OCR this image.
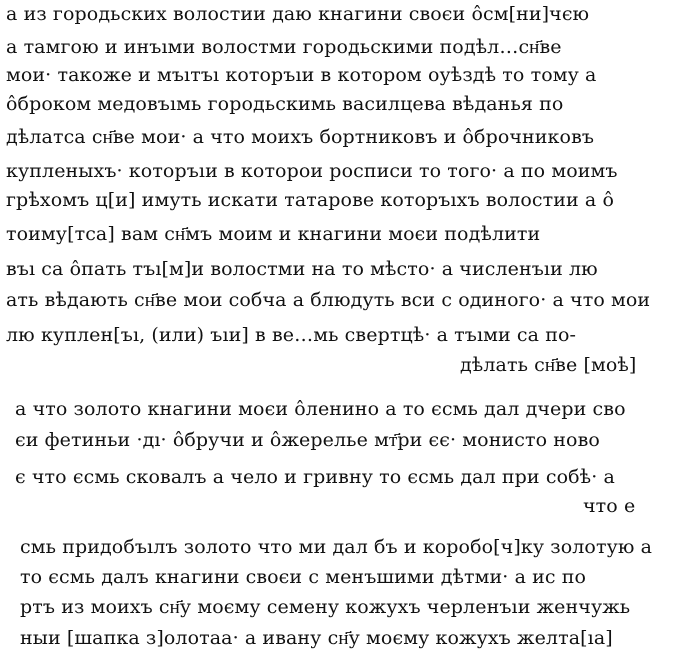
а из городьских волостии даю кнагини своєи ôсм[ни]чєю
а тамгою и инъıми волостми городьскими подѣл…сн҃ве
мои· такоже и мъıтъı которъıи в котором оуѣздѣ то тому а
ôброком медовъıмь городьскимь василцева вѣданья по
дѣлатса сн҃ве мои· а что моихъ бортниковъ и ôброчниковъ
купленыхъ· которъıи в которои росписи то того· а по моимъ
грѣхомъ ц[и] имуть искати татарове которъıхъ волостии а ô
тоиму[тса] вам сн҃мъ моим и кнагини моєи подѣлити
въı са ôпать тъı[м]и волостми на то мѣсто· а численъıи лю
ать вѣдають сн҃ве мои собча а блюдуть вси с одиного· а что мои
лю куплен[ъı, (или) ъıи] в ве…мь свертцѣ· а тъıми са по-
дѣлать сн҃ве [моѣ]
а что золото кнагини моєи ôленино а то єсмь дал дчери сво
єи фетиньи ·дı· ôбручи и ôжерелье мт҃ри єє· монисто ново
є что єсмь сковалъ а чело и гривну то єсмь дал при собѣ· а
что е
смь придобъıлъ золото что ми дал бъ и коробо[ч]ку золотую а
то єсмь далъ кнагини своєи с менъшими дѣтми· а ис по
ртъ из моихъ сн҃у моєму семену кожухъ черленъıи женчужь
ныи [шапка з]олотаа· а ивану сн҃у моєму кожухъ желта[ıа]
